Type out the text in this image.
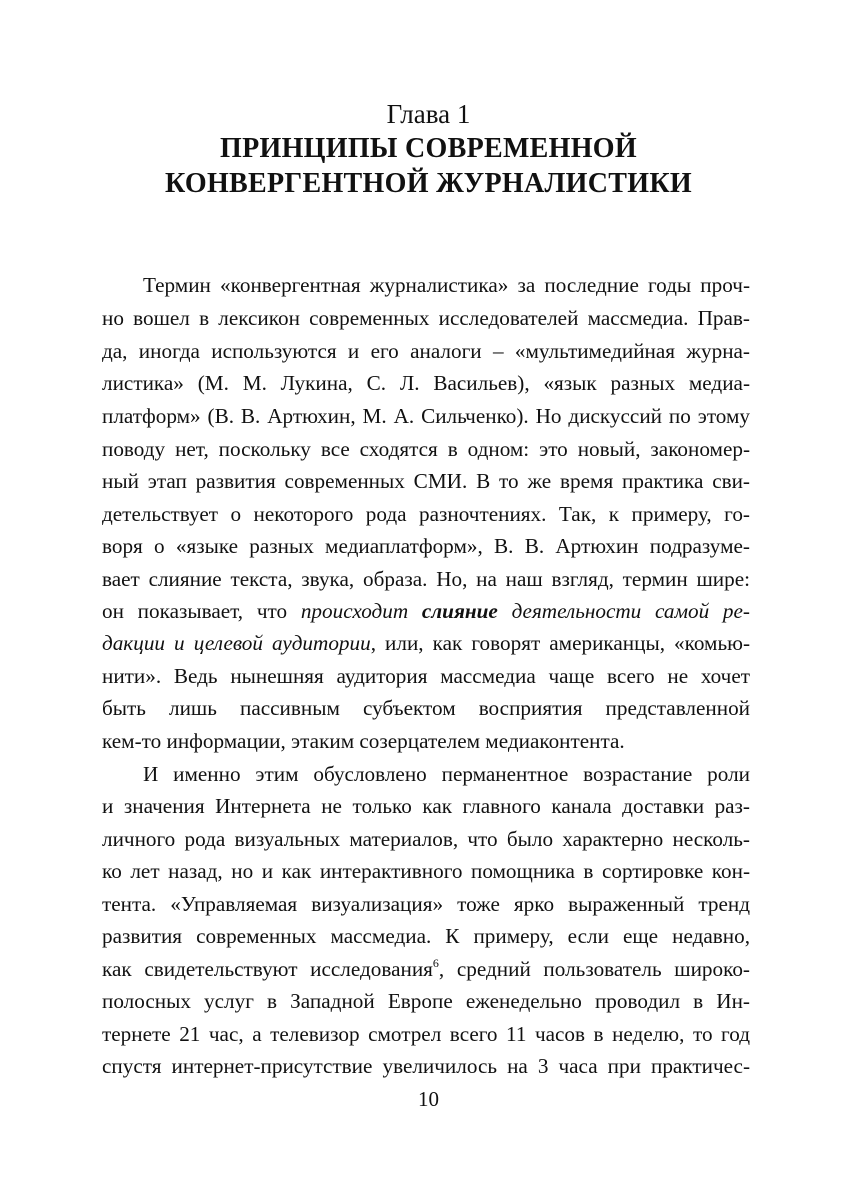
Глава 1
ПРИНЦИПЫ СОВРЕМЕННОЙ
КОНВЕРГЕНТНОЙ ЖУРНАЛИСТИКИ
Термин «конвергентная журналистика» за последние годы проч-
но вошел в лексикон современных исследователей массмедиа. Прав-
да, иногда используются и его аналоги – «мультимедийная журна-
листика» (М. М. Лукина, С. Л. Васильев), «язык разных медиа-
платформ» (В. В. Артюхин, М. А. Сильченко). Но дискуссий по этому
поводу нет, поскольку все сходятся в одном: это новый, закономер-
ный этап развития современных СМИ. В то же время практика сви-
детельствует о некоторого рода разночтениях. Так, к примеру, го-
воря о «языке разных медиаплатформ», В. В. Артюхин подразуме-
вает слияние текста, звука, образа. Но, на наш взгляд, термин шире:
он показывает, что происходит слияние деятельности самой ре-
дакции и целевой аудитории, или, как говорят американцы, «комью-
нити». Ведь нынешняя аудитория массмедиа чаще всего не хочет
быть лишь пассивным субъектом восприятия представленной
кем-то информации, этаким созерцателем медиаконтента.
И именно этим обусловлено перманентное возрастание роли
и значения Интернета не только как главного канала доставки раз-
личного рода визуальных материалов, что было характерно несколь-
ко лет назад, но и как интерактивного помощника в сортировке кон-
тента. «Управляемая визуализация» тоже ярко выраженный тренд
развития современных массмедиа. К примеру, если еще недавно,
как свидетельствуют исследования$^6$, средний пользователь широко-
полосных услуг в Западной Европе еженедельно проводил в Ин-
тернете 21 час, а телевизор смотрел всего 11 часов в неделю, то год
спустя интернет-присутствие увеличилось на 3 часа при практичес-
10
